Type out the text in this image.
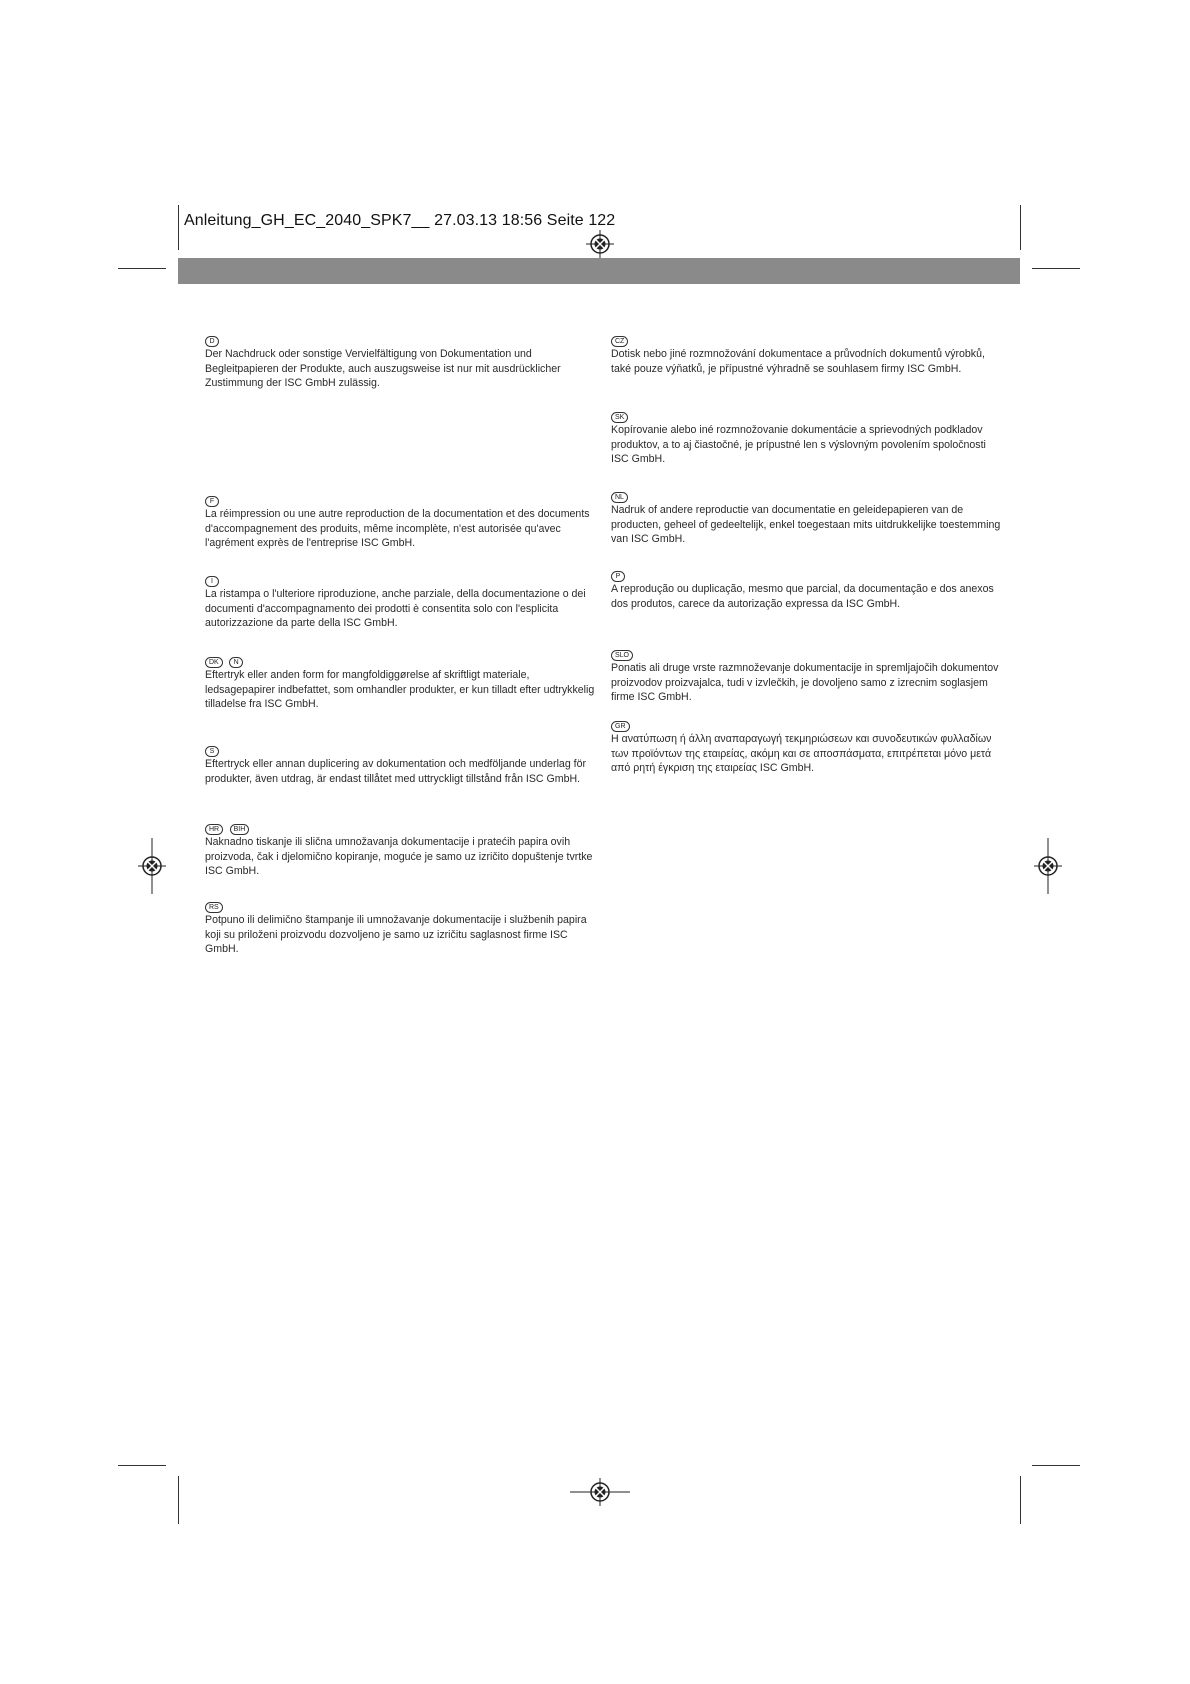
Anleitung_GH_EC_2040_SPK7__ 27.03.13 18:56 Seite 122
D

Der Nachdruck oder sonstige Vervielfältigung von Dokumentation und Begleitpapieren der Produkte, auch auszugsweise ist nur mit ausdrücklicher Zustimmung der ISC GmbH zulässig.

F

La réimpression ou une autre reproduction de la documentation et des documents d'accompagnement des produits, même incomplète, n'est autorisée qu'avec l'agrément exprès de l'entreprise ISC GmbH.

I

La ristampa o l'ulteriore riproduzione, anche parziale, della documentazione o dei documenti d'accompagnamento dei prodotti è consentita solo con l'esplicita autorizzazione da parte della ISC GmbH.

DK N

Eftertryk eller anden form for mangfoldiggørelse af skriftligt materiale, ledsagepapirer indbefattet, som omhandler produkter, er kun tilladt efter udtrykkelig tilladelse fra ISC GmbH.

S

Eftertryck eller annan duplicering av dokumentation och medföljande underlag för produkter, även utdrag, är endast tillåtet med uttryckligt tillstånd från ISC GmbH.

HR BIH

Naknadno tiskanje ili slična umnožavanja dokumentacije i pratećih papira ovih proizvoda, čak i djelomično kopiranje, moguće je samo uz izričito dopuštenje tvrtke ISC GmbH.

RS

Potpuno ili delimično štampanje ili umnožavanje dokumentacije i službenih papira koji su priloženi proizvodu dozvoljeno je samo uz izričitu saglasnost firme ISC GmbH.

CZ

Dotisk nebo jiné rozmnožování dokumentace a průvodních dokumentů výrobků, také pouze výňatků, je přípustné výhradně se souhlasem firmy ISC GmbH.

SK

Kopírovanie alebo iné rozmnožovanie dokumentácie a sprievodných podkladov produktov, a to aj čiastočné, je prípustné len s výslovným povolením spoločnosti ISC GmbH.

NL

Nadruk of andere reproductie van documentatie en geleidepapieren van de producten, geheel of gedeeltelijk, enkel toegestaan mits uitdrukkelijke toestemming van ISC GmbH.

P

A reprodução ou duplicação, mesmo que parcial, da documentação e dos anexos dos produtos, carece da autorização expressa da ISC GmbH.

SLO

Ponatis ali druge vrste razmnoževanje dokumentacije in spremljajočih dokumentov proizvodov proizvajalca, tudi v izvlečkih, je dovoljeno samo z izrecnim soglasjem firme ISC GmbH.

GR

Η ανατύπωση ή άλλη αναπαραγωγή τεκμηριώσεων και συνοδευτικών φυλλαδίων των προϊόντων της εταιρείας, ακόμη και σε αποσπάσματα, επιτρέπεται μόνο μετά από ρητή έγκριση της εταιρείας ISC GmbH.
